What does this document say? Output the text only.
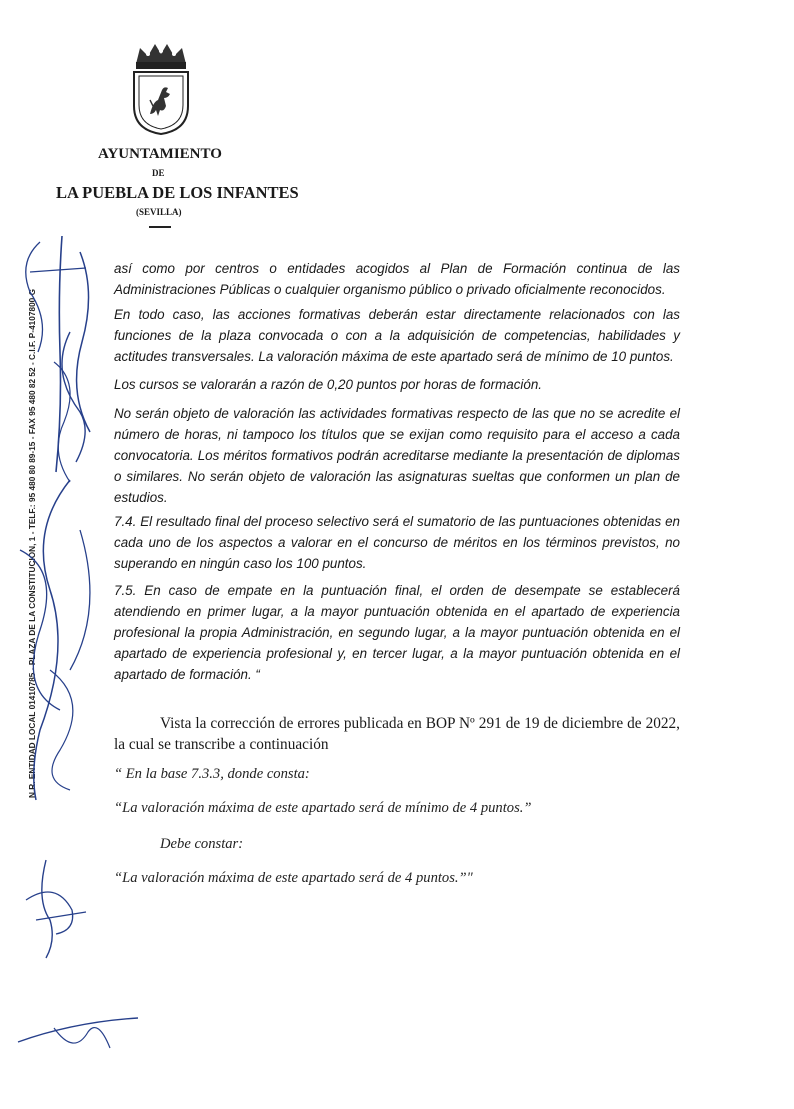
AYUNTAMIENTO
DE
LA PUEBLA DE LOS INFANTES
(SEVILLA)
N.R. ENTIDAD LOCAL 01410785 - PLAZA DE LA CONSTITUCION, 1 - TELF.: 95 480 80 89-15 - FAX 95 480 82 52 - C.I.F. P-4107800 G

así como por centros o entidades acogidos al Plan de Formación continua de las Administraciones Públicas o cualquier organismo público o privado oficialmente reconocidos.

En todo caso, las acciones formativas deberán estar directamente relacionados con las funciones de la plaza convocada o con a la adquisición de competencias, habilidades y actitudes transversales. La valoración máxima de este apartado será de mínimo de 10 puntos.

Los cursos se valorarán a razón de 0,20 puntos por horas de formación.

No serán objeto de valoración las actividades formativas respecto de las que no se acredite el número de horas, ni tampoco los títulos que se exijan como requisito para el acceso a cada convocatoria. Los méritos formativos podrán acreditarse mediante la presentación de diplomas o similares. No serán objeto de valoración las asignaturas sueltas que conformen un plan de estudios.

7.4. El resultado final del proceso selectivo será el sumatorio de las puntuaciones obtenidas en cada uno de los aspectos a valorar en el concurso de méritos en los términos previstos, no superando en ningún caso los 100 puntos.

7.5. En caso de empate en la puntuación final, el orden de desempate se establecerá atendiendo en primer lugar, a la mayor puntuación obtenida en el apartado de experiencia profesional la propia Administración, en segundo lugar, a la mayor puntuación obtenida en el apartado de experiencia profesional y, en tercer lugar, a la mayor puntuación obtenida en el apartado de formación. “

Vista la corrección de errores publicada en BOP Nº 291 de 19 de diciembre de 2022, la cual se transcribe a continuación

“ En la base 7.3.3, donde consta:

“La valoración máxima de este apartado será de mínimo de 4 puntos.”

Debe constar:

“La valoración máxima de este apartado será de 4 puntos.”"
